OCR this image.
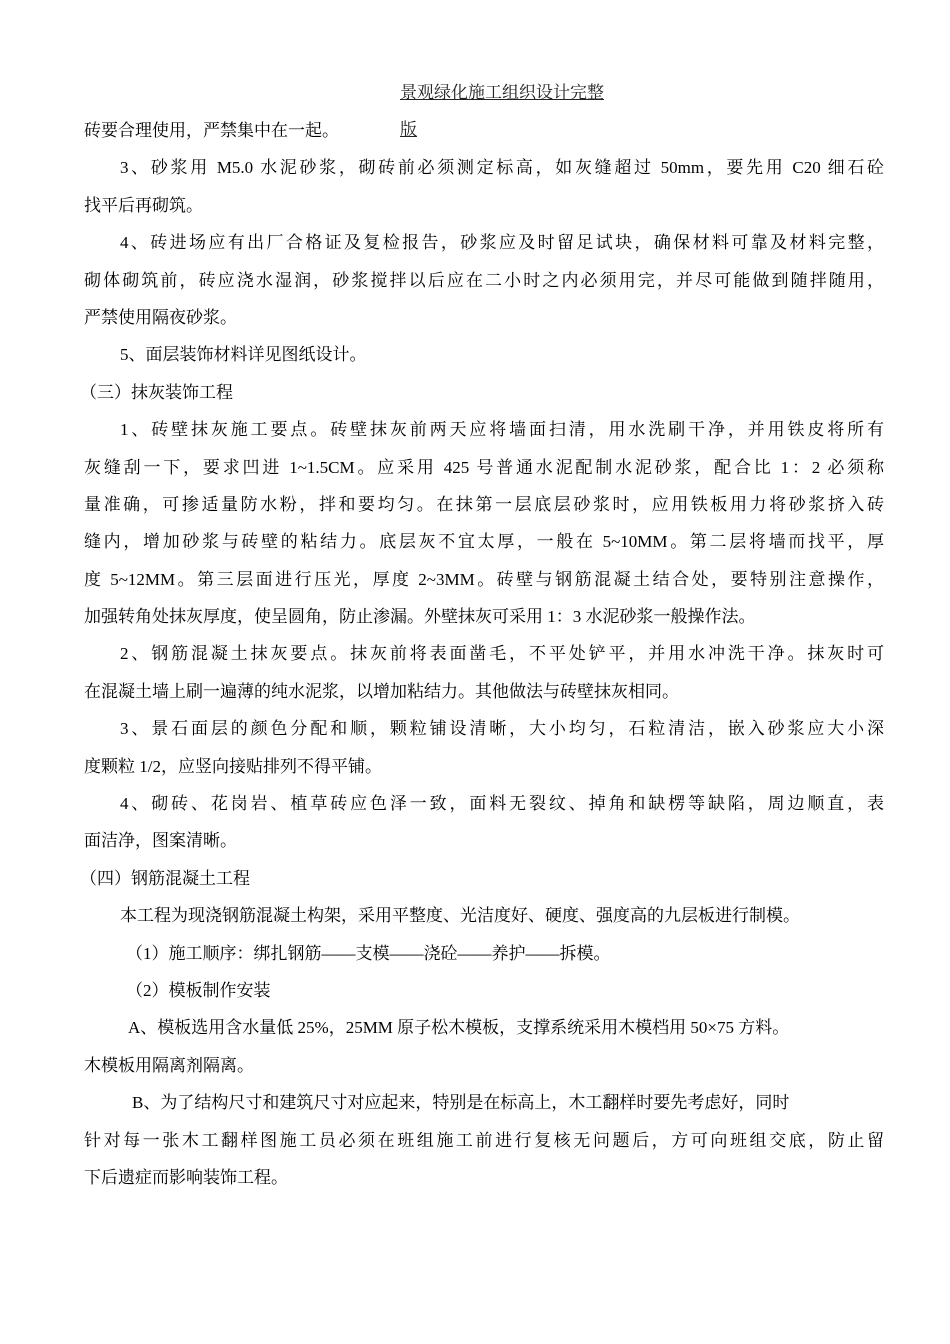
景观绿化施工组织设计完整
版
砖要合理使用，严禁集中在一起。
3、砂浆用 M5.0 水泥砂浆，砌砖前必须测定标高，如灰缝超过 50mm，要先用 C20 细石砼
找平后再砌筑。
4、砖进场应有出厂合格证及复检报告，砂浆应及时留足试块，确保材料可靠及材料完整，
砌体砌筑前，砖应浇水湿润，砂浆搅拌以后应在二小时之内必须用完，并尽可能做到随拌随用，
严禁使用隔夜砂浆。
5、面层装饰材料详见图纸设计。
（三）抹灰装饰工程
1、砖壁抹灰施工要点。砖壁抹灰前两天应将墙面扫清，用水洗刷干净，并用铁皮将所有
灰缝刮一下，要求凹进 1~1.5CM。应采用 425 号普通水泥配制水泥砂浆，配合比 1：2 必须称
量准确，可掺适量防水粉，拌和要均匀。在抹第一层底层砂浆时，应用铁板用力将砂浆挤入砖
缝内，增加砂浆与砖壁的粘结力。底层灰不宜太厚，一般在 5~10MM。第二层将墙而找平，厚
度 5~12MM。第三层面进行压光，厚度 2~3MM。砖壁与钢筋混凝土结合处，要特别注意操作，
加强转角处抹灰厚度，使呈圆角，防止渗漏。外壁抹灰可采用 1：3 水泥砂浆一般操作法。
2、钢筋混凝土抹灰要点。抹灰前将表面凿毛，不平处铲平，并用水冲洗干净。抹灰时可
在混凝土墙上刷一遍薄的纯水泥浆，以增加粘结力。其他做法与砖壁抹灰相同。
3、景石面层的颜色分配和顺，颗粒铺设清晰，大小均匀，石粒清洁，嵌入砂浆应大小深
度颗粒 1/2，应竖向接贴排列不得平铺。
4、砌砖、花岗岩、植草砖应色泽一致，面料无裂纹、掉角和缺楞等缺陷，周边顺直，表
面洁净，图案清晰。
（四）钢筋混凝土工程
本工程为现浇钢筋混凝土构架，采用平整度、光洁度好、硬度、强度高的九层板进行制模。
（1）施工顺序：绑扎钢筋——支模——浇砼——养护——拆模。
（2）模板制作安装
A、模板选用含水量低 25%，25MM 原子松木模板，支撑系统采用木模档用 50×75 方料。
木模板用隔离剂隔离。
B、为了结构尺寸和建筑尺寸对应起来，特别是在标高上，木工翻样时要先考虑好，同时
针对每一张木工翻样图施工员必须在班组施工前进行复核无问题后，方可向班组交底，防止留
下后遗症而影响装饰工程。
